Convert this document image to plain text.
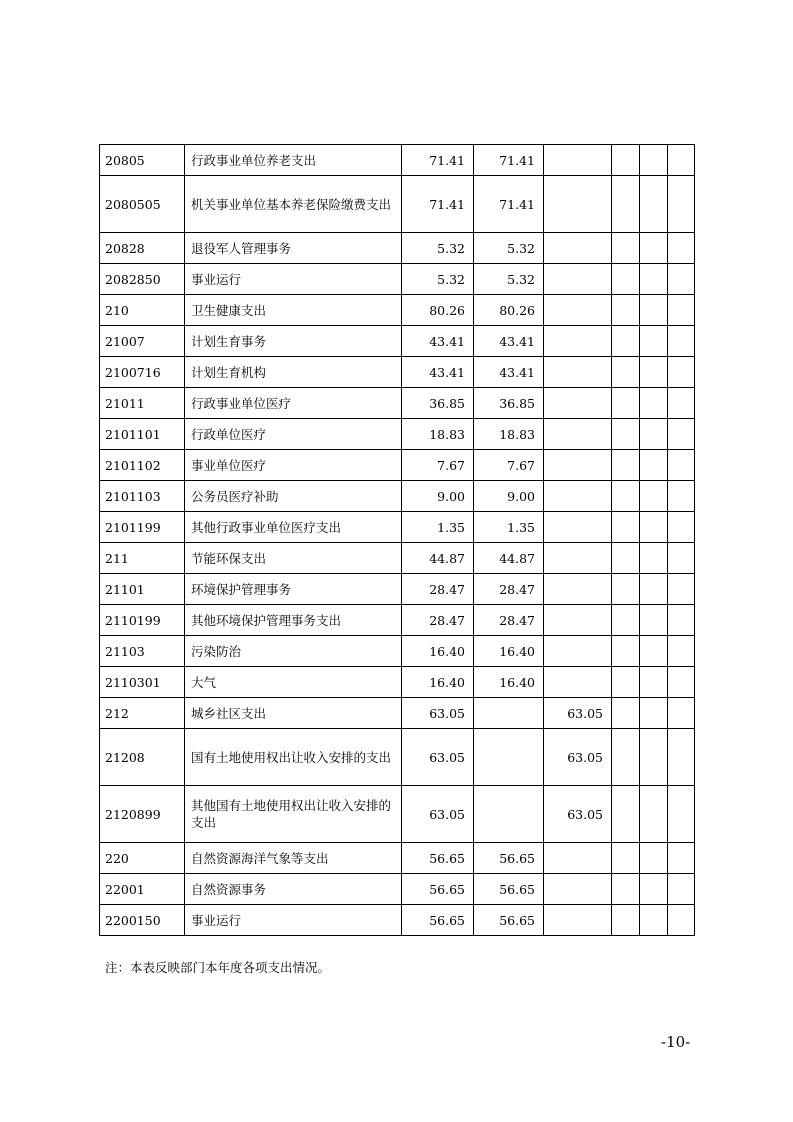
20805	行政事业单位养老支出	71.41	71.41				
2080505	机关事业单位基本养老保险缴费支出	71.41	71.41				
20828	退役军人管理事务	5.32	5.32				
2082850	事业运行	5.32	5.32				
210	卫生健康支出	80.26	80.26				
21007	计划生育事务	43.41	43.41				
2100716	计划生育机构	43.41	43.41				
21011	行政事业单位医疗	36.85	36.85				
2101101	行政单位医疗	18.83	18.83				
2101102	事业单位医疗	7.67	7.67				
2101103	公务员医疗补助	9.00	9.00				
2101199	其他行政事业单位医疗支出	1.35	1.35				
211	节能环保支出	44.87	44.87				
21101	环境保护管理事务	28.47	28.47				
2110199	其他环境保护管理事务支出	28.47	28.47				
21103	污染防治	16.40	16.40				
2110301	大气	16.40	16.40				
212	城乡社区支出	63.05		63.05			
21208	国有土地使用权出让收入安排的支出	63.05		63.05			
2120899	其他国有土地使用权出让收入安排的支出	63.05		63.05			
220	自然资源海洋气象等支出	56.65	56.65				
22001	自然资源事务	56.65	56.65				
2200150	事业运行	56.65	56.65				
注：本表反映部门本年度各项支出情况。
-10-
